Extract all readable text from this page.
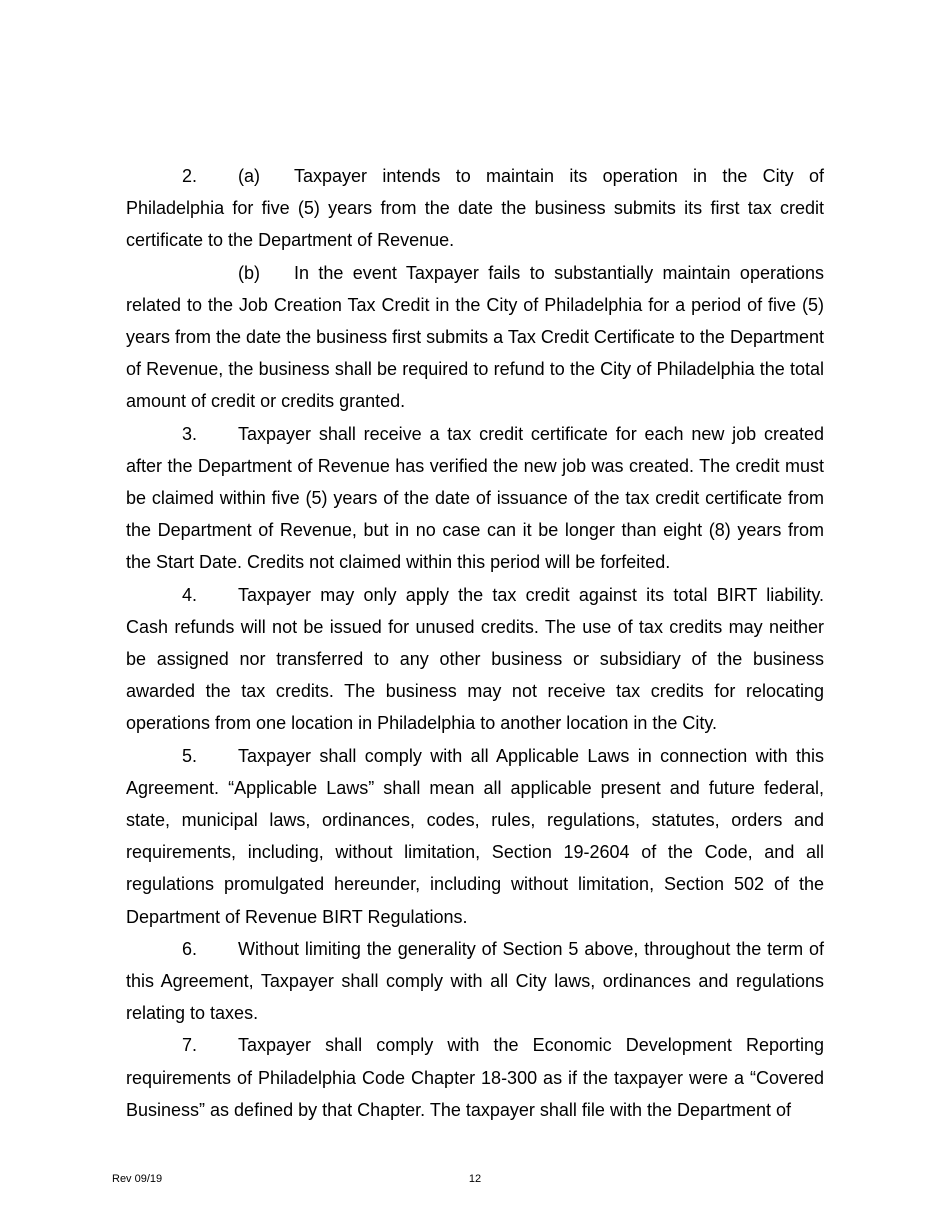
2. (a) Taxpayer intends to maintain its operation in the City of Philadelphia for five (5) years from the date the business submits its first tax credit certificate to the Department of Revenue.

(b) In the event Taxpayer fails to substantially maintain operations related to the Job Creation Tax Credit in the City of Philadelphia for a period of five (5) years from the date the business first submits a Tax Credit Certificate to the Department of Revenue, the business shall be required to refund to the City of Philadelphia the total amount of credit or credits granted.

3. Taxpayer shall receive a tax credit certificate for each new job created after the Department of Revenue has verified the new job was created. The credit must be claimed within five (5) years of the date of issuance of the tax credit certificate from the Department of Revenue, but in no case can it be longer than eight (8) years from the Start Date. Credits not claimed within this period will be forfeited.

4. Taxpayer may only apply the tax credit against its total BIRT liability. Cash refunds will not be issued for unused credits. The use of tax credits may neither be assigned nor transferred to any other business or subsidiary of the business awarded the tax credits. The business may not receive tax credits for relocating operations from one location in Philadelphia to another location in the City.

5. Taxpayer shall comply with all Applicable Laws in connection with this Agreement. “Applicable Laws” shall mean all applicable present and future federal, state, municipal laws, ordinances, codes, rules, regulations, statutes, orders and requirements, including, without limitation, Section 19-2604 of the Code, and all regulations promulgated hereunder, including without limitation, Section 502 of the Department of Revenue BIRT Regulations.

6. Without limiting the generality of Section 5 above, throughout the term of this Agreement, Taxpayer shall comply with all City laws, ordinances and regulations relating to taxes.

7. Taxpayer shall comply with the Economic Development Reporting requirements of Philadelphia Code Chapter 18-300 as if the taxpayer were a “Covered Business” as defined by that Chapter. The taxpayer shall file with the Department of

Rev 09/19	12
